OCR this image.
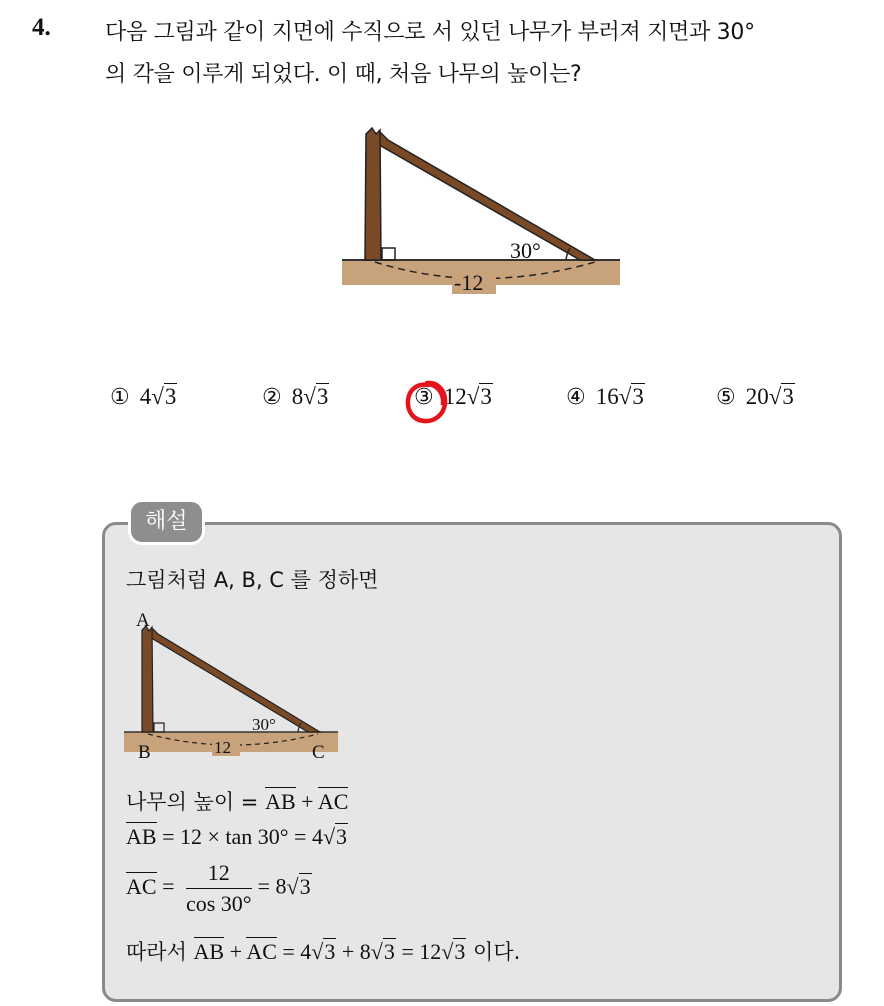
4. 다음 그림과 같이 지면에 수직으로 서 있던 나무가 부러져 지면과 30°
의 각을 이루게 되었다. 이 때, 처음 나무의 높이는?
30°
-12
① 4√3	② 8√3	③ 12√3	④ 16√3	⑤ 20√3
해설
그림처럼 A, B, C 를 정하면
A
30°
12
B	C
나무의 높이 = AB + AC
AB = 12 × tan 30° = 4√3
AC = $\frac{12}{\cos 30^\circ} = 8√3$
따라서 AB + AC = 4√3 + 8√3 = 12√3 이다.
